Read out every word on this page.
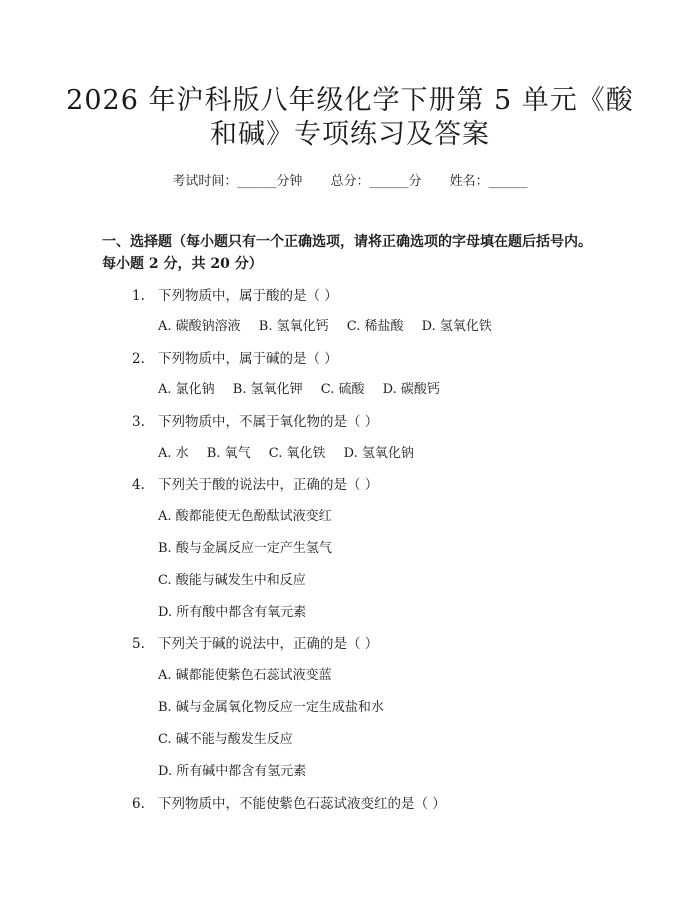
2026 年沪科版八年级化学下册第 5 单元《酸
和碱》专项练习及答案
考试时间：______分钟 总分：______分 姓名：______
一、选择题（每小题只有一个正确选项，请将正确选项的字母填在题后括号内。
每小题 2 分，共 20 分）
1. 下列物质中，属于酸的是（ ）
A. 碳酸钠溶液 B. 氢氧化钙 C. 稀盐酸 D. 氢氧化铁
2. 下列物质中，属于碱的是（ ）
A. 氯化钠 B. 氢氧化钾 C. 硫酸 D. 碳酸钙
3. 下列物质中，不属于氧化物的是（ ）
A. 水 B. 氧气 C. 氧化铁 D. 氢氧化钠
4. 下列关于酸的说法中，正确的是（ ）
A. 酸都能使无色酚酞试液变红
B. 酸与金属反应一定产生氢气
C. 酸能与碱发生中和反应
D. 所有酸中都含有氧元素
5. 下列关于碱的说法中，正确的是（ ）
A. 碱都能使紫色石蕊试液变蓝
B. 碱与金属氧化物反应一定生成盐和水
C. 碱不能与酸发生反应
D. 所有碱中都含有氢元素
6. 下列物质中，不能使紫色石蕊试液变红的是（ ）
